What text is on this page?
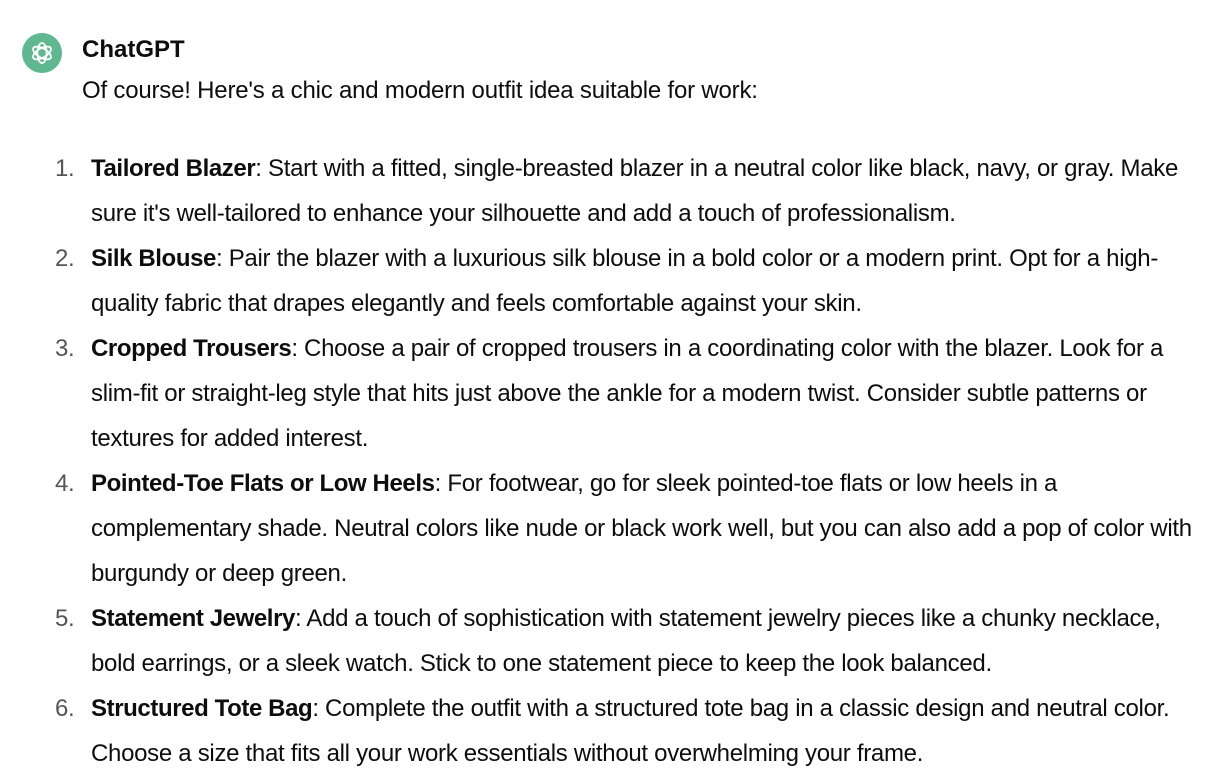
ChatGPT
Of course! Here's a chic and modern outfit idea suitable for work:
1. Tailored Blazer: Start with a fitted, single-breasted blazer in a neutral color like black, navy, or gray. Make sure it's well-tailored to enhance your silhouette and add a touch of professionalism.
2. Silk Blouse: Pair the blazer with a luxurious silk blouse in a bold color or a modern print. Opt for a high-quality fabric that drapes elegantly and feels comfortable against your skin.
3. Cropped Trousers: Choose a pair of cropped trousers in a coordinating color with the blazer. Look for a slim-fit or straight-leg style that hits just above the ankle for a modern twist. Consider subtle patterns or textures for added interest.
4. Pointed-Toe Flats or Low Heels: For footwear, go for sleek pointed-toe flats or low heels in a complementary shade. Neutral colors like nude or black work well, but you can also add a pop of color with burgundy or deep green.
5. Statement Jewelry: Add a touch of sophistication with statement jewelry pieces like a chunky necklace, bold earrings, or a sleek watch. Stick to one statement piece to keep the look balanced.
6. Structured Tote Bag: Complete the outfit with a structured tote bag in a classic design and neutral color. Choose a size that fits all your work essentials without overwhelming your frame.
